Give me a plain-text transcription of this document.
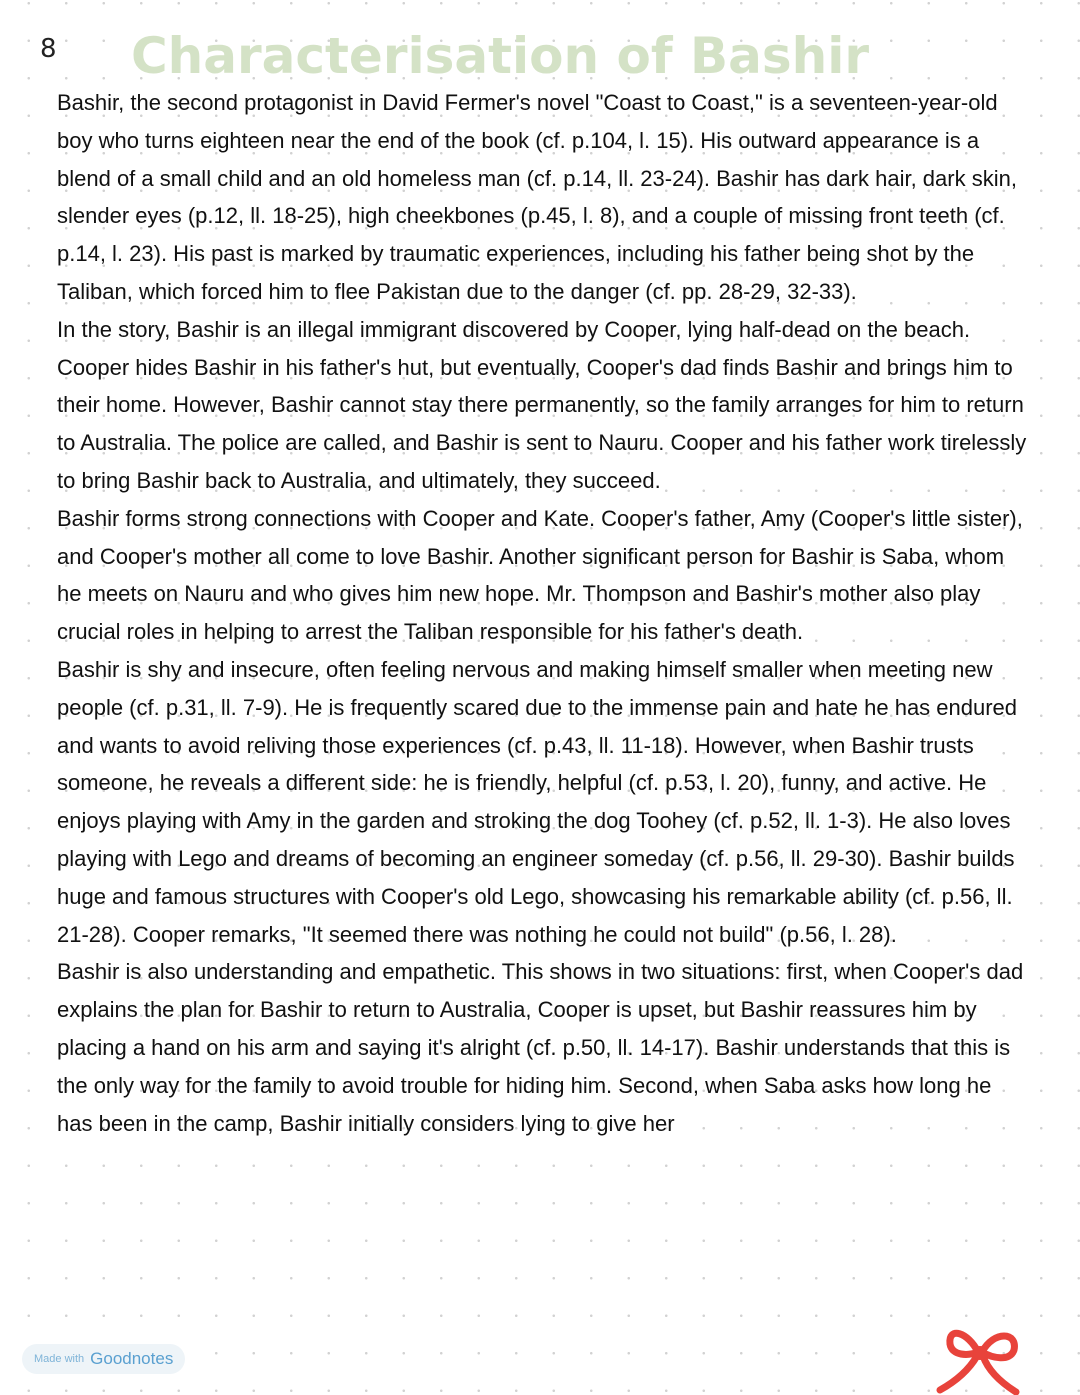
8	Characterisation of Bashir

Bashir, the second protagonist in David Fermer's novel "Coast to Coast," is a seventeen-year-old boy who turns eighteen near the end of the book (cf. p.104, l. 15). His outward appearance is a blend of a small child and an old homeless man (cf. p.14, ll. 23-24). Bashir has dark hair, dark skin, slender eyes (p.12, ll. 18-25), high cheekbones (p.45, l. 8), and a couple of missing front teeth (cf. p.14, l. 23). His past is marked by traumatic experiences, including his father being shot by the Taliban, which forced him to flee Pakistan due to the danger (cf. pp. 28-29, 32-33).

In the story, Bashir is an illegal immigrant discovered by Cooper, lying half-dead on the beach. Cooper hides Bashir in his father's hut, but eventually, Cooper's dad finds Bashir and brings him to their home. However, Bashir cannot stay there permanently, so the family arranges for him to return to Australia. The police are called, and Bashir is sent to Nauru. Cooper and his father work tirelessly to bring Bashir back to Australia, and ultimately, they succeed.

Bashir forms strong connections with Cooper and Kate. Cooper's father, Amy (Cooper's little sister), and Cooper's mother all come to love Bashir. Another significant person for Bashir is Saba, whom he meets on Nauru and who gives him new hope. Mr. Thompson and Bashir's mother also play crucial roles in helping to arrest the Taliban responsible for his father's death.

Bashir is shy and insecure, often feeling nervous and making himself smaller when meeting new people (cf. p.31, ll. 7-9). He is frequently scared due to the immense pain and hate he has endured and wants to avoid reliving those experiences (cf. p.43, ll. 11-18). However, when Bashir trusts someone, he reveals a different side: he is friendly, helpful (cf. p.53, l. 20), funny, and active. He enjoys playing with Amy in the garden and stroking the dog Toohey (cf. p.52, ll. 1-3). He also loves playing with Lego and dreams of becoming an engineer someday (cf. p.56, ll. 29-30). Bashir builds huge and famous structures with Cooper's old Lego, showcasing his remarkable ability (cf. p.56, ll. 21-28). Cooper remarks, "It seemed there was nothing he could not build" (p.56, l. 28).

Bashir is also understanding and empathetic. This shows in two situations: first, when Cooper's dad explains the plan for Bashir to return to Australia, Cooper is upset, but Bashir reassures him by placing a hand on his arm and saying it's alright (cf. p.50, ll. 14-17). Bashir understands that this is the only way for the family to avoid trouble for hiding him. Second, when Saba asks how long he has been in the camp, Bashir initially considers lying to give her

Made with Goodnotes
